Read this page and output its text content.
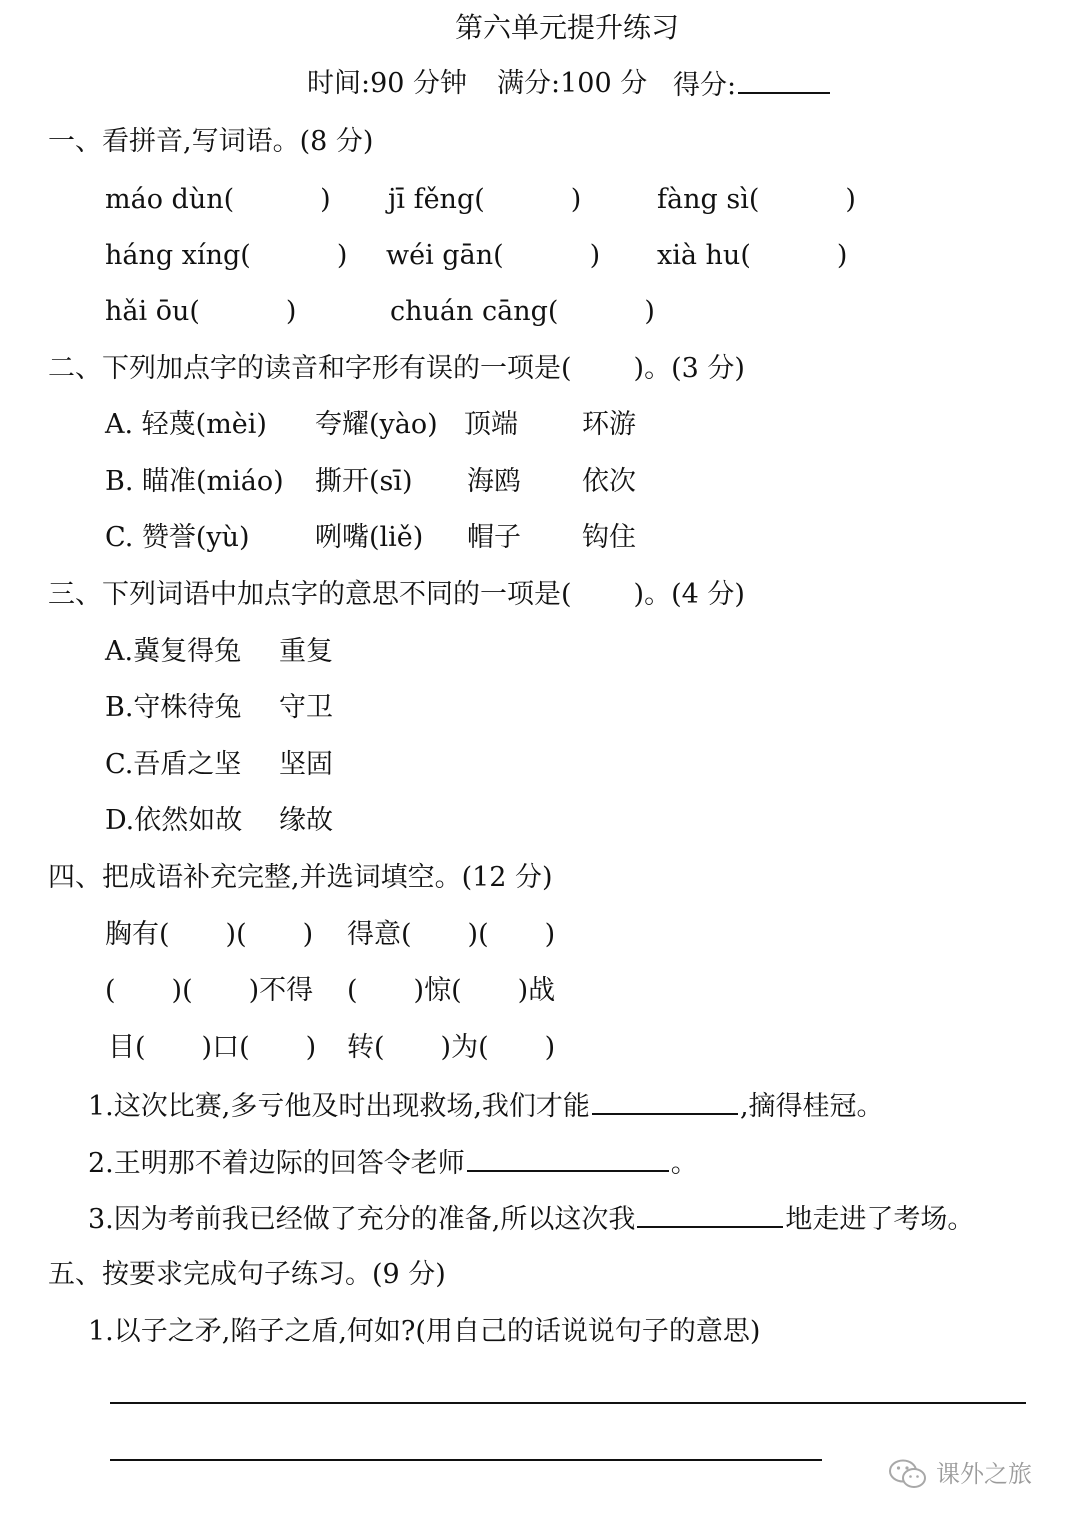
第六单元提升练习
时间:90 分钟 满分:100 分 得分:
一、看拼音,写词语。(8 分)
máo dùn(	) jī fěng(	)	fàng sì(	)
háng xíng(	) wéi gān(	) xià hu(	)
hǎi ōu(	)	chuán cāng(	)
二、下列加点字的读音和字形有误的一项是( )。(3 分)
A. 轻蔑(mèi) 夸耀(yào) 顶端 环游
B. 瞄准(miáo) 撕开(sī) 海鸥 依次
C. 赞誉(yù) 咧嘴(liě) 帽子 钩住
三、下列词语中加点字的意思不同的一项是( )。(4 分)
A.冀复得兔 重复
B.守株待兔 守卫
C.吾盾之坚 坚固
D.依然如故 缘故
四、把成语补充完整,并选词填空。(12 分)
胸有( )( ) 得意( )( )
( )( )不得 ( )惊( )战
目( )口( ) 转( )为( )
1.这次比赛,多亏他及时出现救场,我们才能	,摘得桂冠。
2.王明那不着边际的回答令老师	。
3.因为考前我已经做了充分的准备,所以这次我	地走进了考场。
五、按要求完成句子练习。(9 分)
1.以子之矛,陷子之盾,何如?(用自己的话说说句子的意思)
课外之旅
